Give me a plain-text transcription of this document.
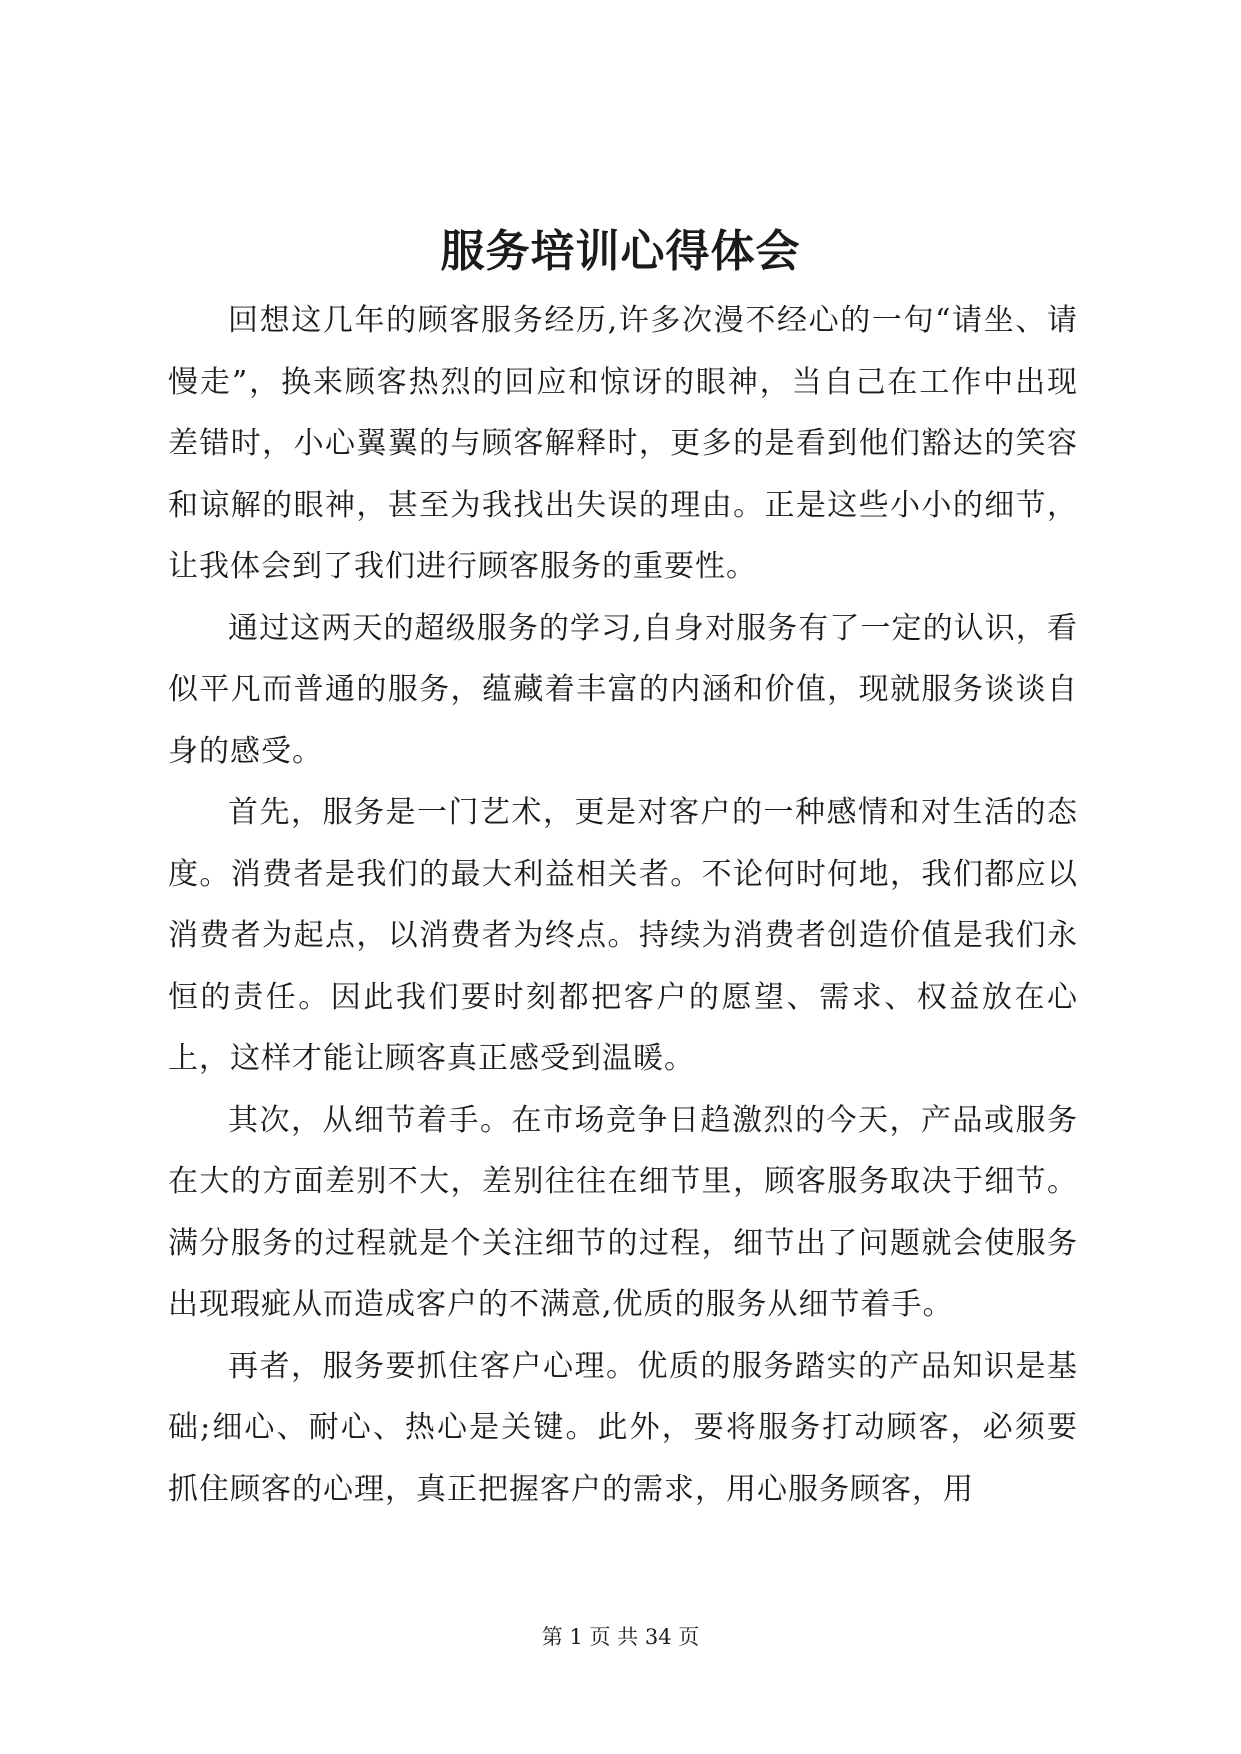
服务培训心得体会

回想这几年的顾客服务经历,许多次漫不经心的一句“请坐、请慢走”，换来顾客热烈的回应和惊讶的眼神，当自己在工作中出现差错时，小心翼翼的与顾客解释时，更多的是看到他们豁达的笑容和谅解的眼神，甚至为我找出失误的理由。正是这些小小的细节，让我体会到了我们进行顾客服务的重要性。

通过这两天的超级服务的学习,自身对服务有了一定的认识，看似平凡而普通的服务，蕴藏着丰富的内涵和价值，现就服务谈谈自身的感受。

首先，服务是一门艺术，更是对客户的一种感情和对生活的态度。消费者是我们的最大利益相关者。不论何时何地，我们都应以消费者为起点，以消费者为终点。持续为消费者创造价值是我们永恒的责任。因此我们要时刻都把客户的愿望、需求、权益放在心上，这样才能让顾客真正感受到温暖。

其次，从细节着手。在市场竞争日趋激烈的今天，产品或服务在大的方面差别不大，差别往往在细节里，顾客服务取决于细节。满分服务的过程就是个关注细节的过程，细节出了问题就会使服务出现瑕疵从而造成客户的不满意,优质的服务从细节着手。

再者，服务要抓住客户心理。优质的服务踏实的产品知识是基础;细心、耐心、热心是关键。此外，要将服务打动顾客，必须要抓住顾客的心理，真正把握客户的需求，用心服务顾客，用

第 1 页 共 34 页
